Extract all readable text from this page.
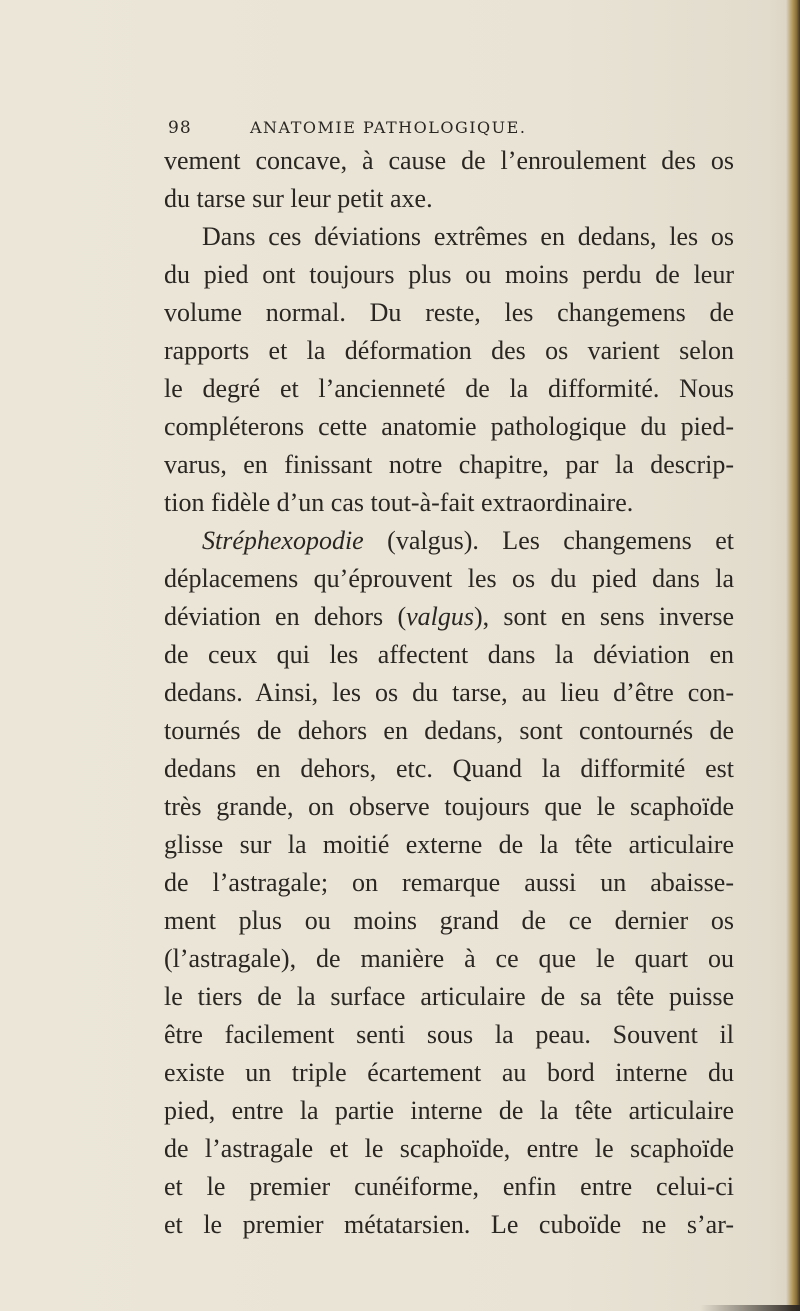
98	ANATOMIE PATHOLOGIQUE.
vement concave, à cause de l’enroulement des os
du tarse sur leur petit axe.
Dans ces déviations extrêmes en dedans, les os
du pied ont toujours plus ou moins perdu de leur
volume normal. Du reste, les changemens de
rapports et la déformation des os varient selon
le degré et l’ancienneté de la difformité. Nous
compléterons cette anatomie pathologique du pied-
varus, en finissant notre chapitre, par la descrip-
tion fidèle d’un cas tout-à-fait extraordinaire.
Stréphexopodie (valgus). Les changemens et
déplacemens qu’éprouvent les os du pied dans la
déviation en dehors (valgus), sont en sens inverse
de ceux qui les affectent dans la déviation en
dedans. Ainsi, les os du tarse, au lieu d’être con-
tournés de dehors en dedans, sont contournés de
dedans en dehors, etc. Quand la difformité est
très grande, on observe toujours que le scaphoïde
glisse sur la moitié externe de la tête articulaire
de l’astragale; on remarque aussi un abaisse-
ment plus ou moins grand de ce dernier os
(l’astragale), de manière à ce que le quart ou
le tiers de la surface articulaire de sa tête puisse
être facilement senti sous la peau. Souvent il
existe un triple écartement au bord interne du
pied, entre la partie interne de la tête articulaire
de l’astragale et le scaphoïde, entre le scaphoïde
et le premier cunéiforme, enfin entre celui-ci
et le premier métatarsien. Le cuboïde ne s’ar-
